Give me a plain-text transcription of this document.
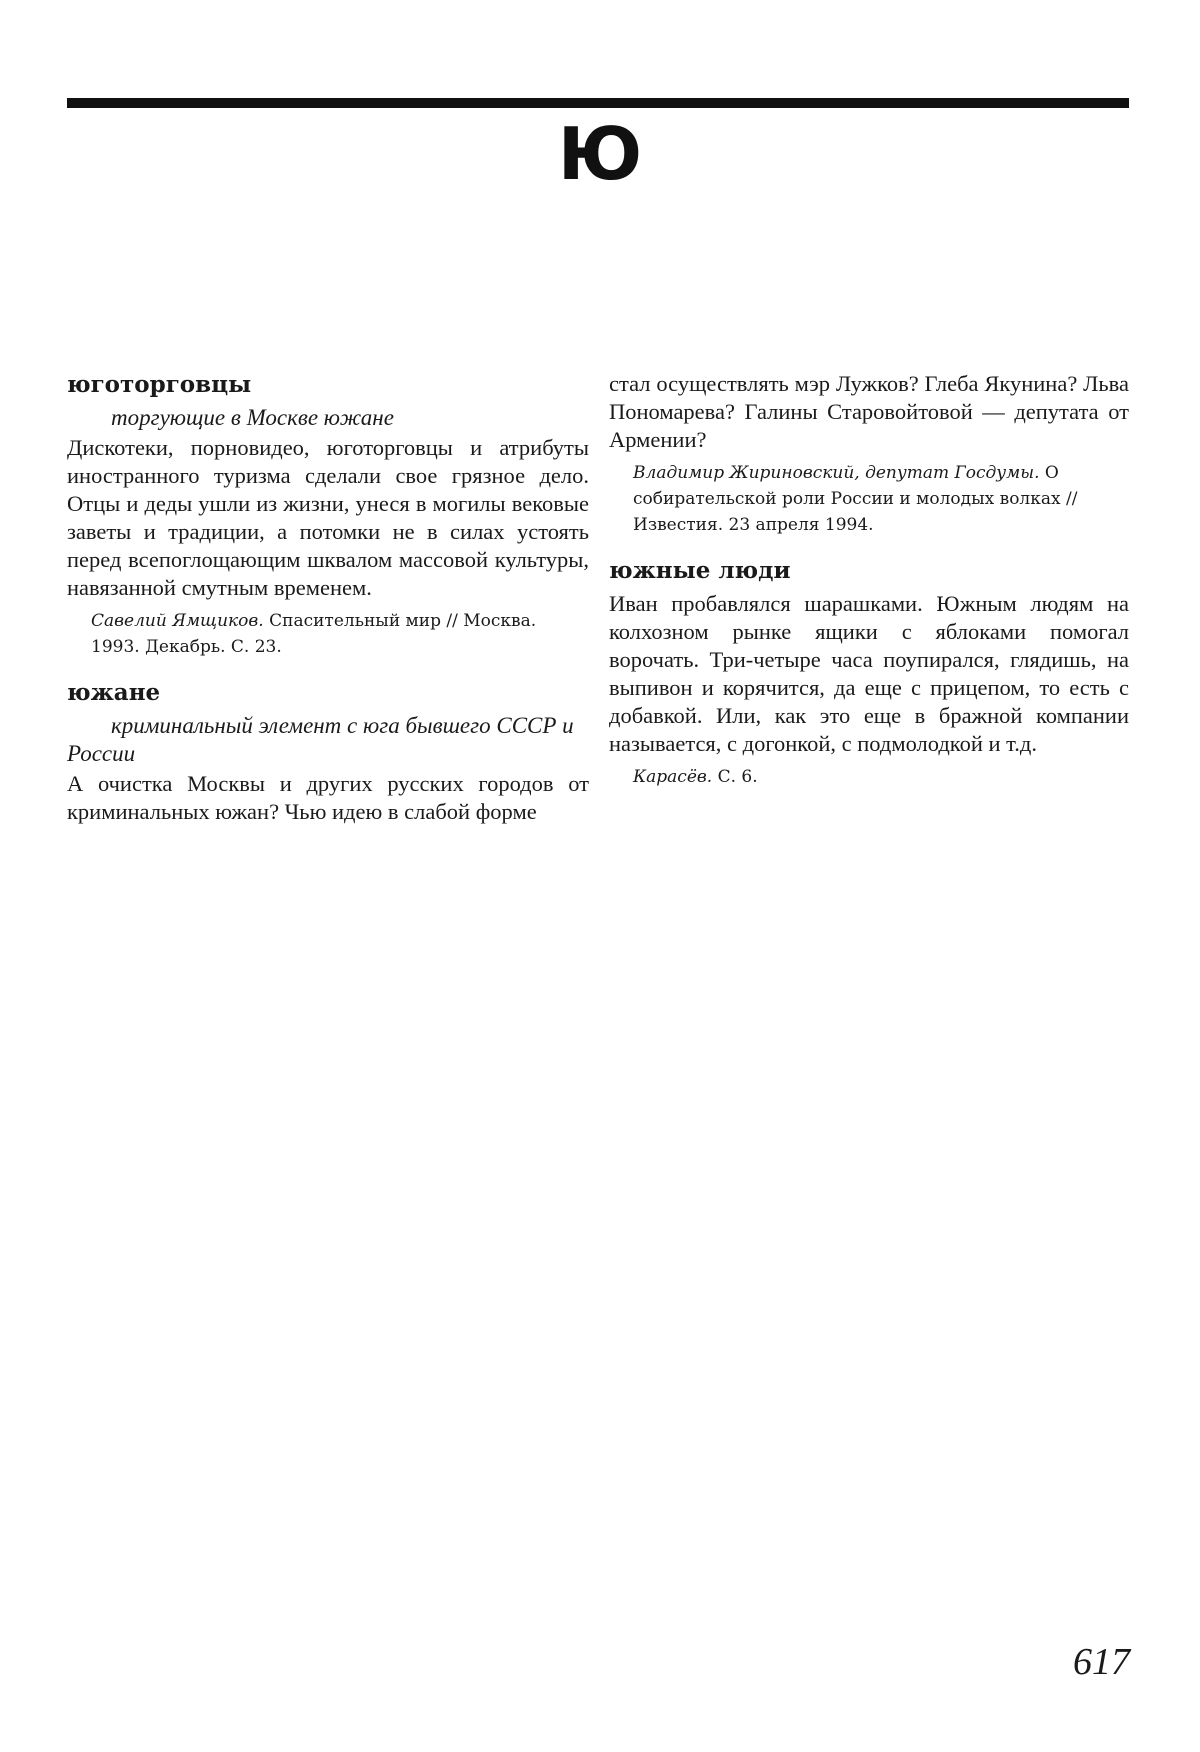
Ю

юготорговцы

торгующие в Москве южане

Дискотеки, порновидео, юготорговцы и атрибуты иностранного туризма сделали свое грязное дело. Отцы и деды ушли из жизни, унеся в могилы вековые заветы и традиции, а потомки не в силах устоять перед всепоглощающим шквалом массовой культуры, навязанной смутным временем.

Савелий Ямщиков. Спасительный мир // Москва. 1993. Декабрь. С. 23.

южане

криминальный элемент с юга бывшего СССР и России

А очистка Москвы и других русских городов от криминальных южан? Чью идею в слабой форме

стал осуществлять мэр Лужков? Глеба Якунина? Льва Пономарева? Галины Старовойтовой — депутата от Армении?

Владимир Жириновский, депутат Госдумы. О собирательской роли России и молодых волках // Известия. 23 апреля 1994.

южные люди

Иван пробавлялся шарашками. Южным людям на колхозном рынке ящики с яблоками помогал ворочать. Три-четыре часа поупирался, глядишь, на выпивон и корячится, да еще с прицепом, то есть с добавкой. Или, как это еще в бражной компании называется, с догонкой, с подмолодкой и т.д.

Карасёв. С. 6.

617
